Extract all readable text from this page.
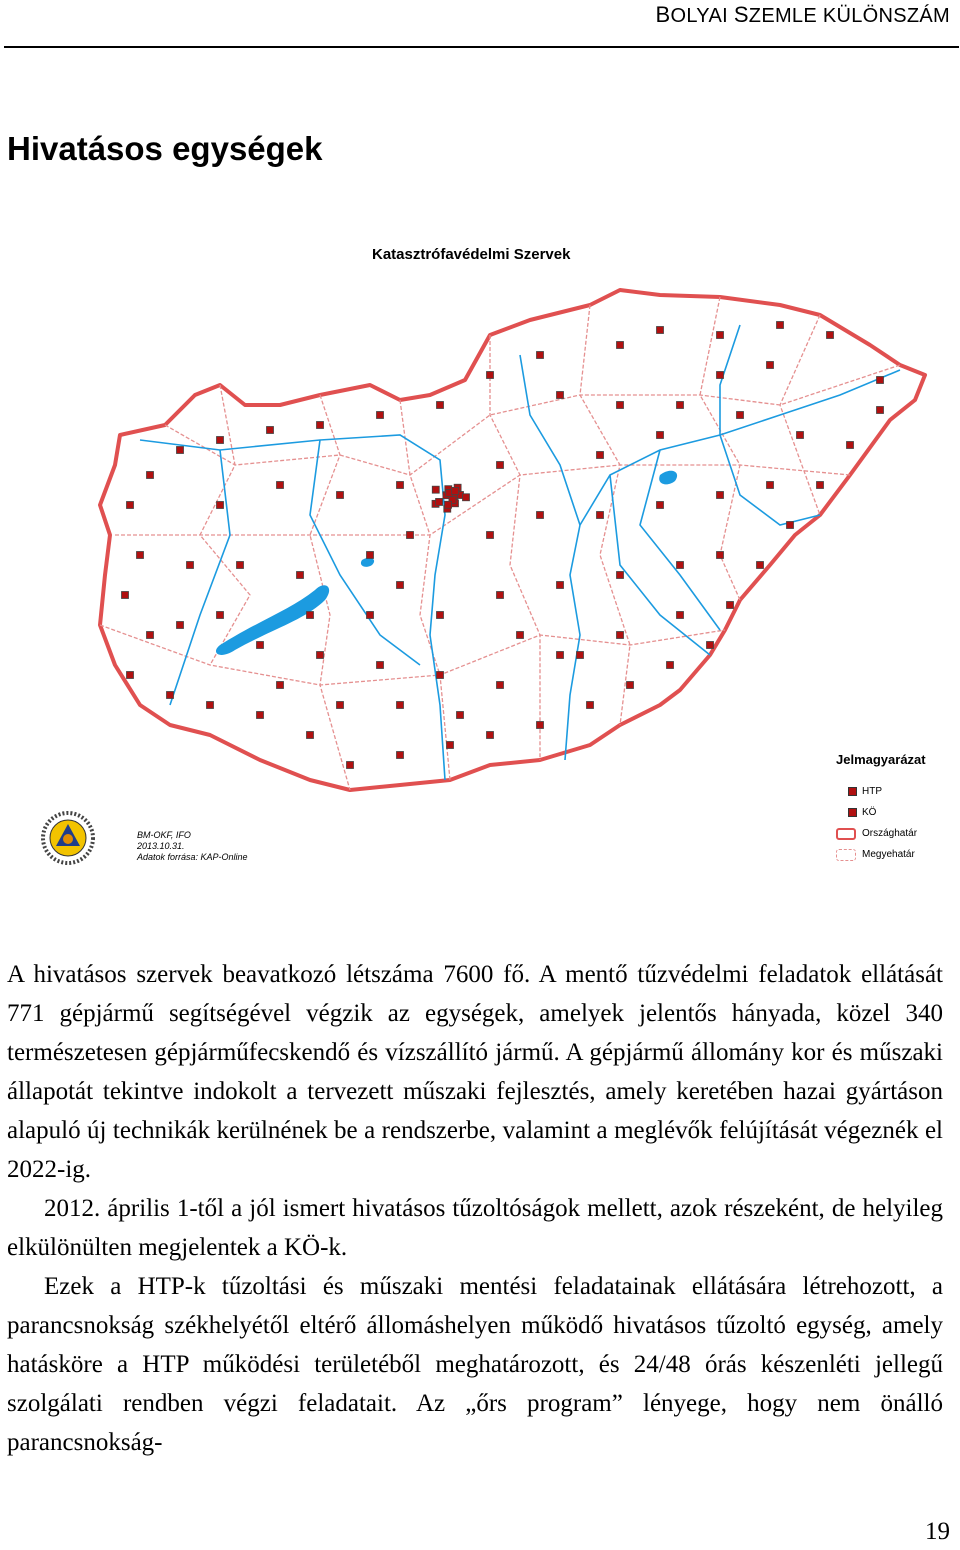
BOLYAI SZEMLE KÜLÖNSZÁM
Hivatásos egységek
Katasztrófavédelmi Szervek
Jelmagyarázat
HTP
KÖ
Országhatár
Megyehatár
BM-OKF, IFO
2013.10.31.
Adatok forrása: KAP-Online

A hivatásos szervek beavatkozó létszáma 7600 fő. A mentő tűzvédelmi feladatok ellátását 771 gépjármű segítségével végzik az egységek, amelyek jelentős hányada, közel 340 természetesen gépjárműfecskendő és vízszállító jármű. A gépjármű állomány kor és műszaki állapotát tekintve indokolt a tervezett műszaki fejlesztés, amely keretében hazai gyártáson alapuló új technikák kerülnének be a rendszerbe, valamint a meglévők felújítását végeznék el 2022-ig.

2012. április 1-től a jól ismert hivatásos tűzoltóságok mellett, azok részeként, de helyileg elkülönülten megjelentek a KÖ-k.

Ezek a HTP-k tűzoltási és műszaki mentési feladatainak ellátására létrehozott, a parancsnokság székhelyétől eltérő állomáshelyen működő hivatásos tűzoltó egység, amely hatásköre a HTP működési területéből meghatározott, és 24/48 órás készenléti jellegű szolgálati rendben végzi feladatait. Az „őrs program” lényege, hogy nem önálló parancsnokság-

19
